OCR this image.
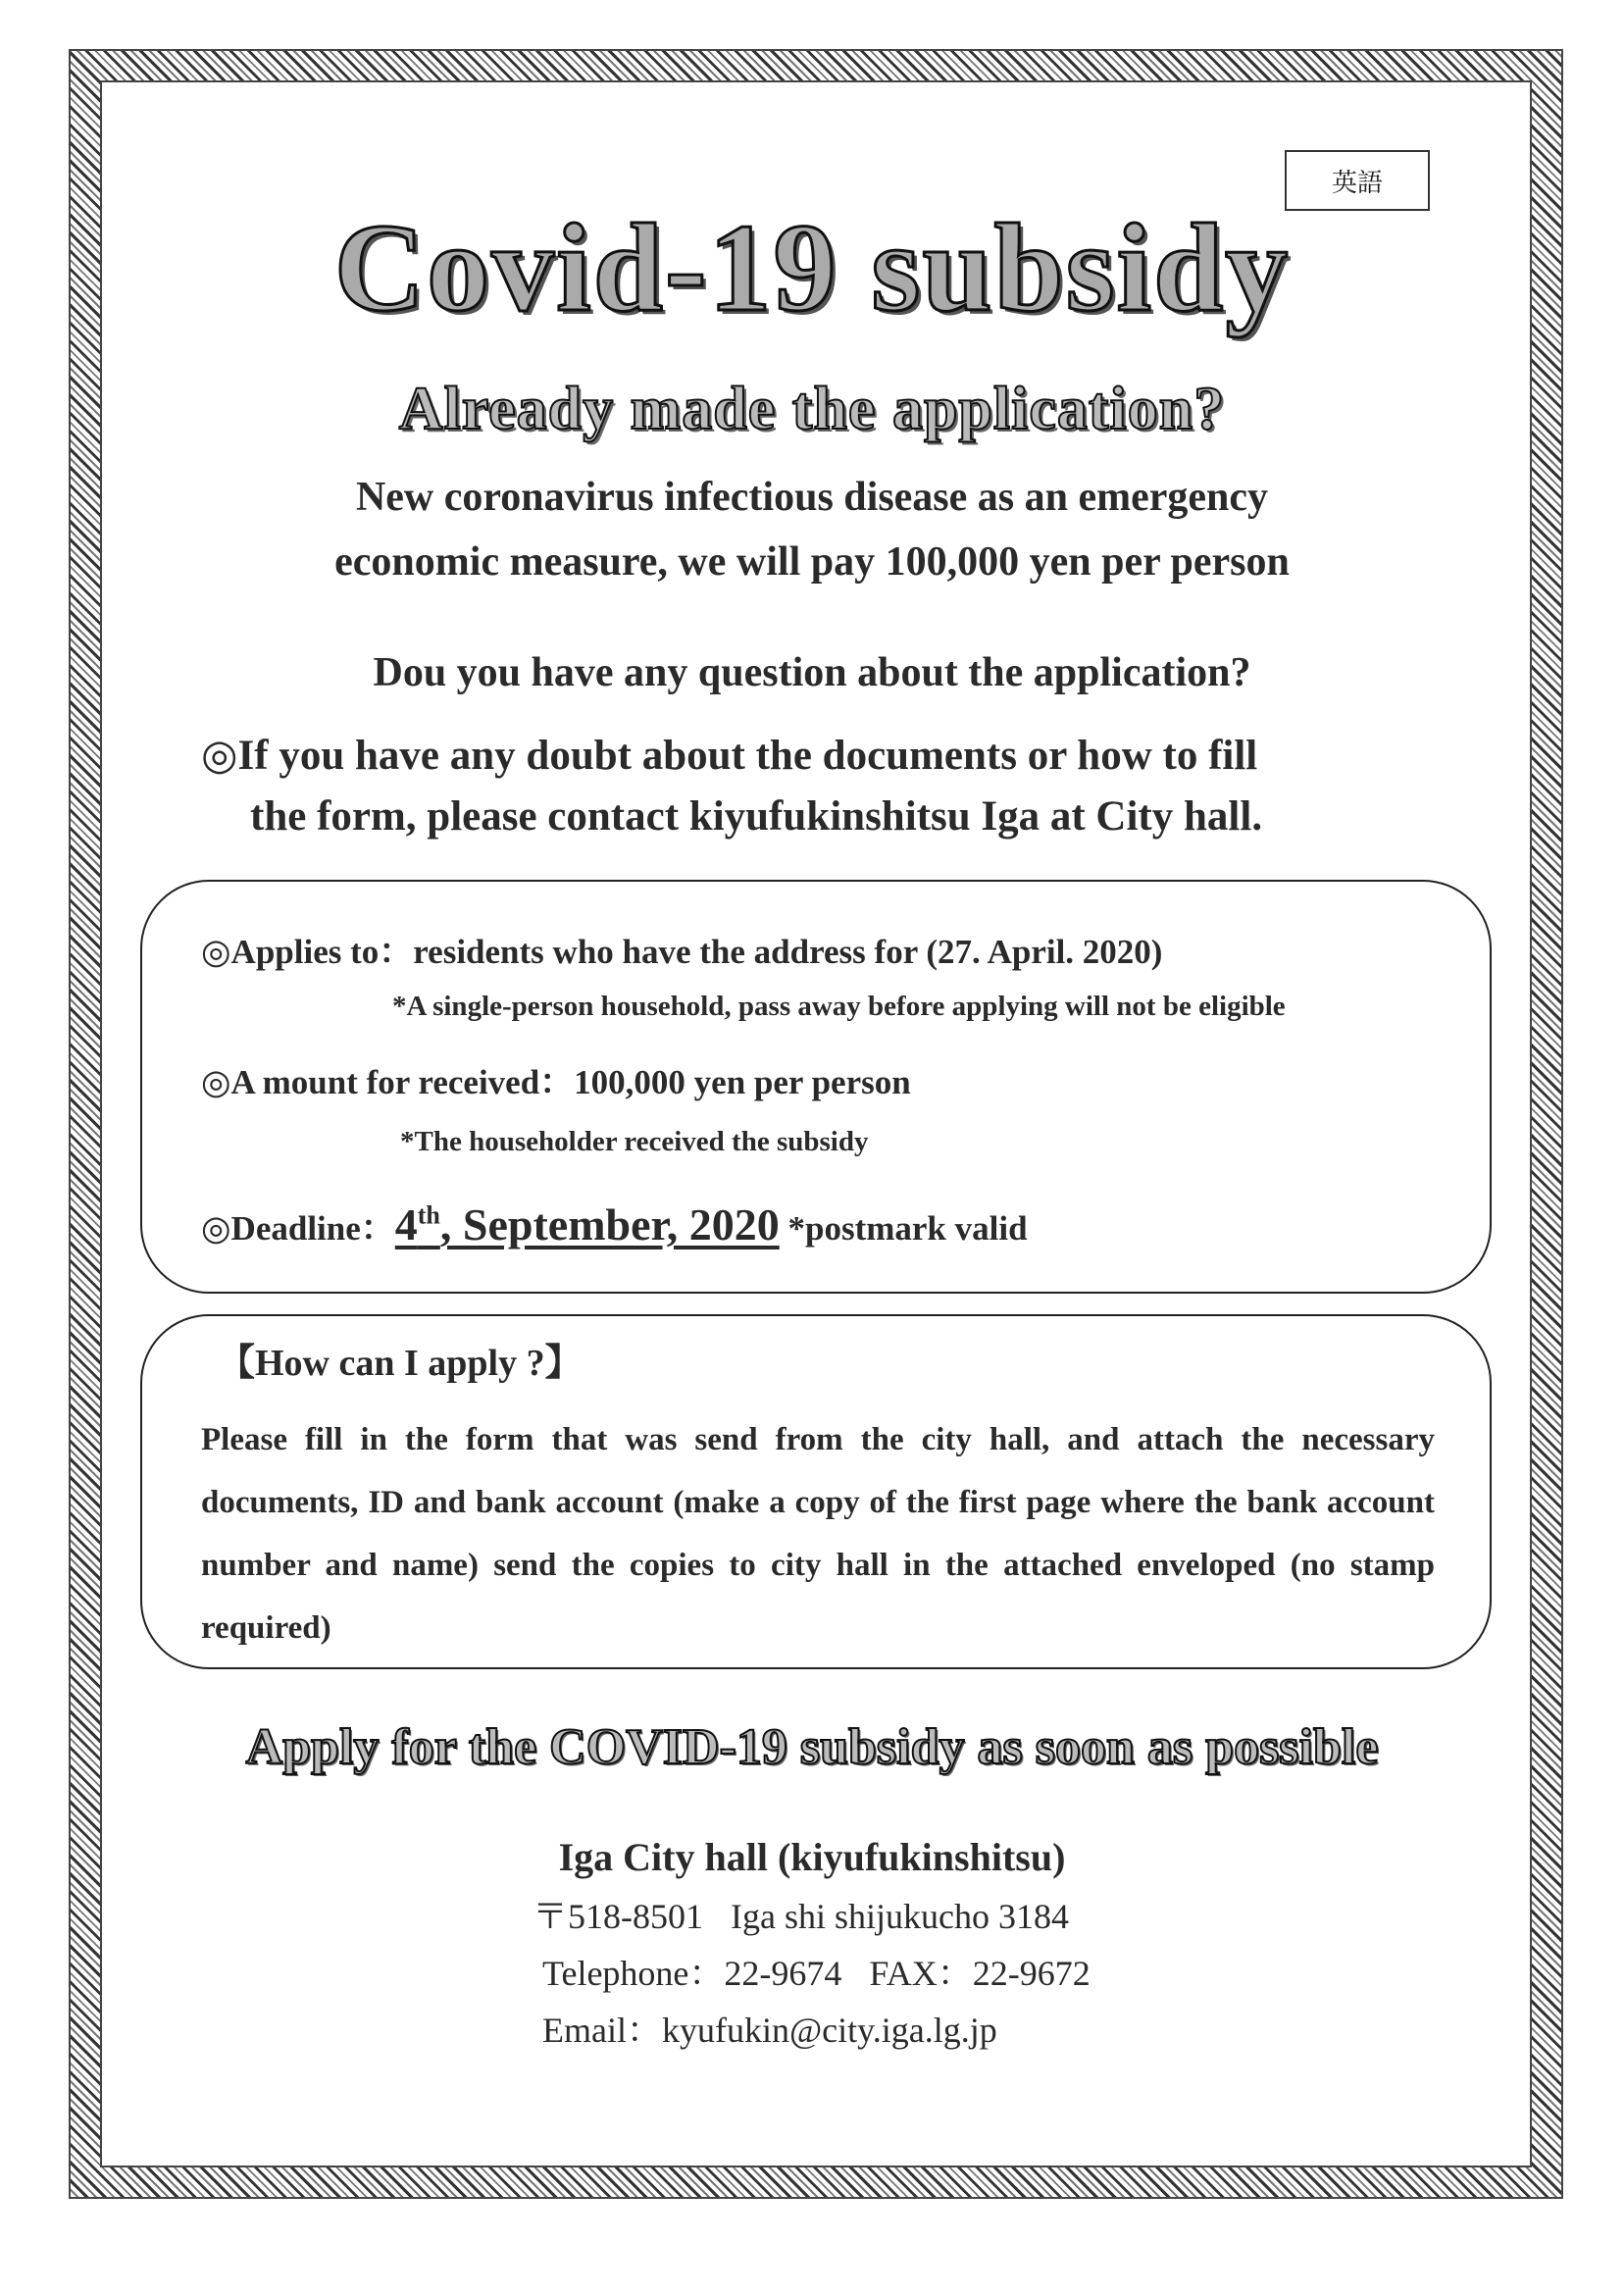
英語
Covid-19 subsidy
Already made the application?
New coronavirus infectious disease as an emergency
economic measure, we will pay 100,000 yen per person
Dou you have any question about the application?
◎If you have any doubt about the documents or how to fill
the form, please contact kiyufukinshitsu Iga at City hall.
◎Applies to：residents who have the address for (27. April. 2020)
*A single-person household, pass away before applying will not be eligible
◎A mount for received：100,000 yen per person
*The householder received the subsidy
◎Deadline：4th, September, 2020 *postmark valid
【How can I apply ?】
Please fill in the form that was send from the city hall, and attach the necessary documents, ID and bank account (make a copy of the first page where the bank account number and name) send the copies to city hall in the attached enveloped (no stamp required)
Apply for the COVID-19 subsidy as soon as possible
Iga City hall (kiyufukinshitsu)
〒518-8501 Iga shi shijukucho 3184
Telephone：22-9674 FAX：22-9672
Email：kyufukin@city.iga.lg.jp
